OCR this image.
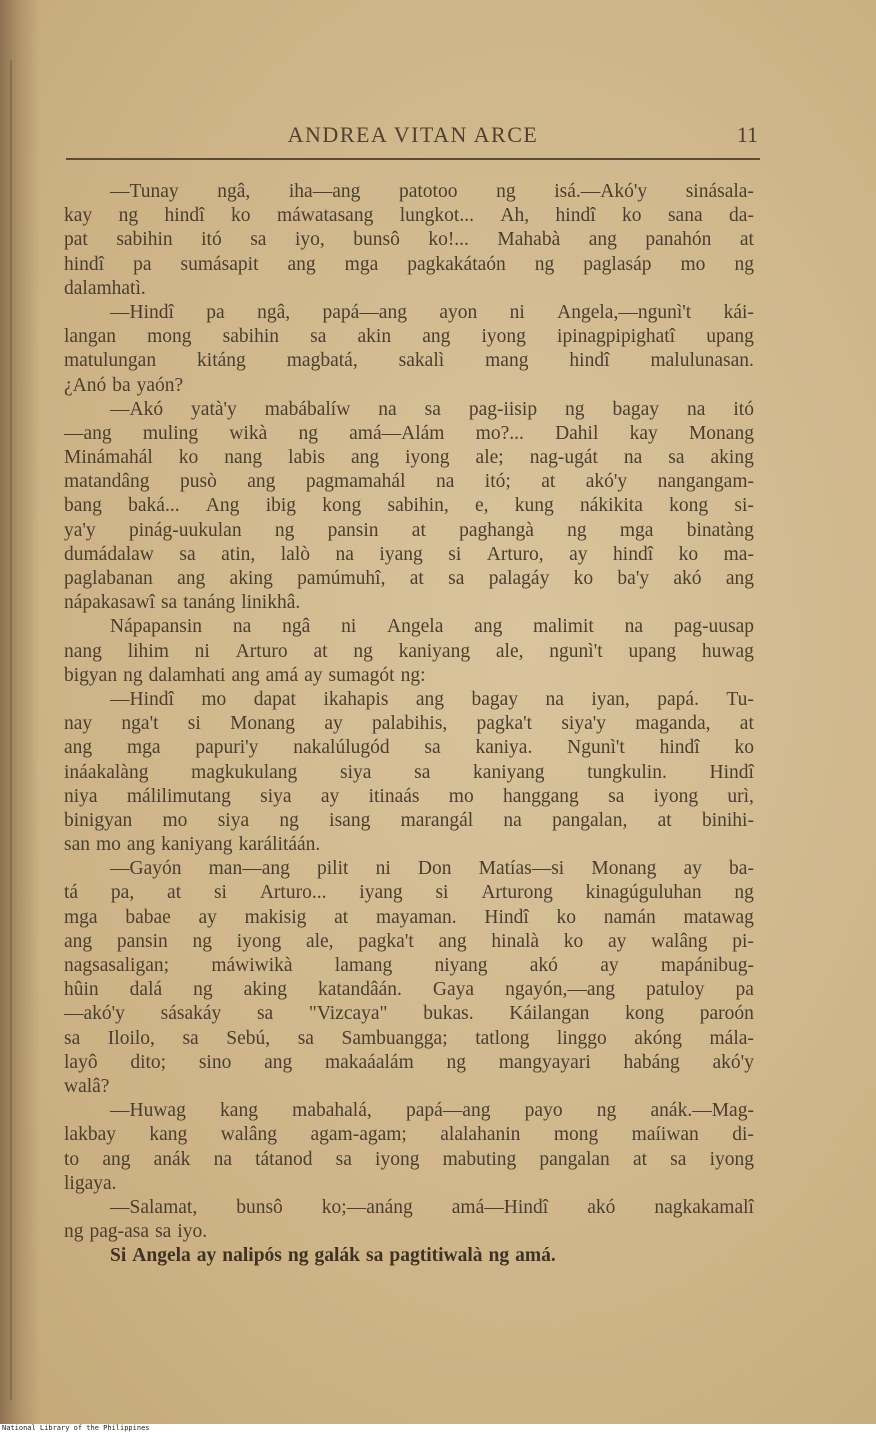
ANDREA VITAN ARCE	11
—Tunay ngâ, iha—ang patotoo ng isá.—Akó'y sinásala-
kay ng hindî ko máwatasang lungkot... Ah, hindî ko sana da-
pat sabihin itó sa iyo, bunsô ko!... Mahabà ang panahón at
hindî pa sumásapit ang mga pagkakátaón ng paglasáp mo ng
dalamhatì.
—Hindî pa ngâ, papá—ang ayon ni Angela,—ngunì't kái-
langan mong sabihin sa akin ang iyong ipinagpipighatî upang
matulungan kitáng magbatá, sakalì mang hindî malulunasan.
¿Anó ba yaón?
—Akó yatà'y mabábalíw na sa pag-iisip ng bagay na itó
—ang muling wikà ng amá—Alám mo?... Dahil kay Monang
Minámahál ko nang labis ang iyong ale; nag-ugát na sa aking
matandâng pusò ang pagmamahál na itó; at akó'y nangangam-
bang baká... Ang ibig kong sabihin, e, kung nákikita kong si-
ya'y pinág-uukulan ng pansin at paghangà ng mga binatàng
dumádalaw sa atin, lalò na iyang si Arturo, ay hindî ko ma-
paglabanan ang aking pamúmuhî, at sa palagáy ko ba'y akó ang
nápakasawî sa tanáng linikhâ.
Nápapansin na ngâ ni Angela ang malimit na pag-uusap
nang lihim ni Arturo at ng kaniyang ale, ngunì't upang huwag
bigyan ng dalamhati ang amá ay sumagót ng:
—Hindî mo dapat ikahapis ang bagay na iyan, papá. Tu-
nay nga't si Monang ay palabihis, pagka't siya'y maganda, at
ang mga papuri'y nakalúlugód sa kaniya. Ngunì't hindî ko
ináakalàng magkukulang siya sa kaniyang tungkulin. Hindî
niya málilimutang siya ay itinaás mo hanggang sa iyong urì,
binigyan mo siya ng isang marangál na pangalan, at binihi-
san mo ang kaniyang karálitáán.
—Gayón man—ang pilit ni Don Matías—si Monang ay ba-
tá pa, at si Arturo... iyang si Arturong kinagúguluhan ng
mga babae ay makisig at mayaman. Hindî ko namán matawag
ang pansin ng iyong ale, pagka't ang hinalà ko ay walâng pi-
nagsasaligan; máwiwikà lamang niyang akó ay mapánibug-
hûin dalá ng aking katandâán. Gaya ngayón,—ang patuloy pa
—akó'y sásakáy sa "Vizcaya" bukas. Káilangan kong paroón
sa Iloilo, sa Sebú, sa Sambuangga; tatlong linggo akóng mála-
layô dito; sino ang makaáalám ng mangyayari habáng akó'y
walâ?
—Huwag kang mabahalá, papá—ang payo ng anák.—Mag-
lakbay kang walâng agam-agam; alalahanin mong maíiwan di-
to ang anák na tátanod sa iyong mabuting pangalan at sa iyong
ligaya.
—Salamat, bunsô ko;—anáng amá—Hindî akó nagkakamalî
ng pag-asa sa iyo.
Si Angela ay nalipós ng galák sa pagtitiwalà ng amá.
National Library of the Philippines
